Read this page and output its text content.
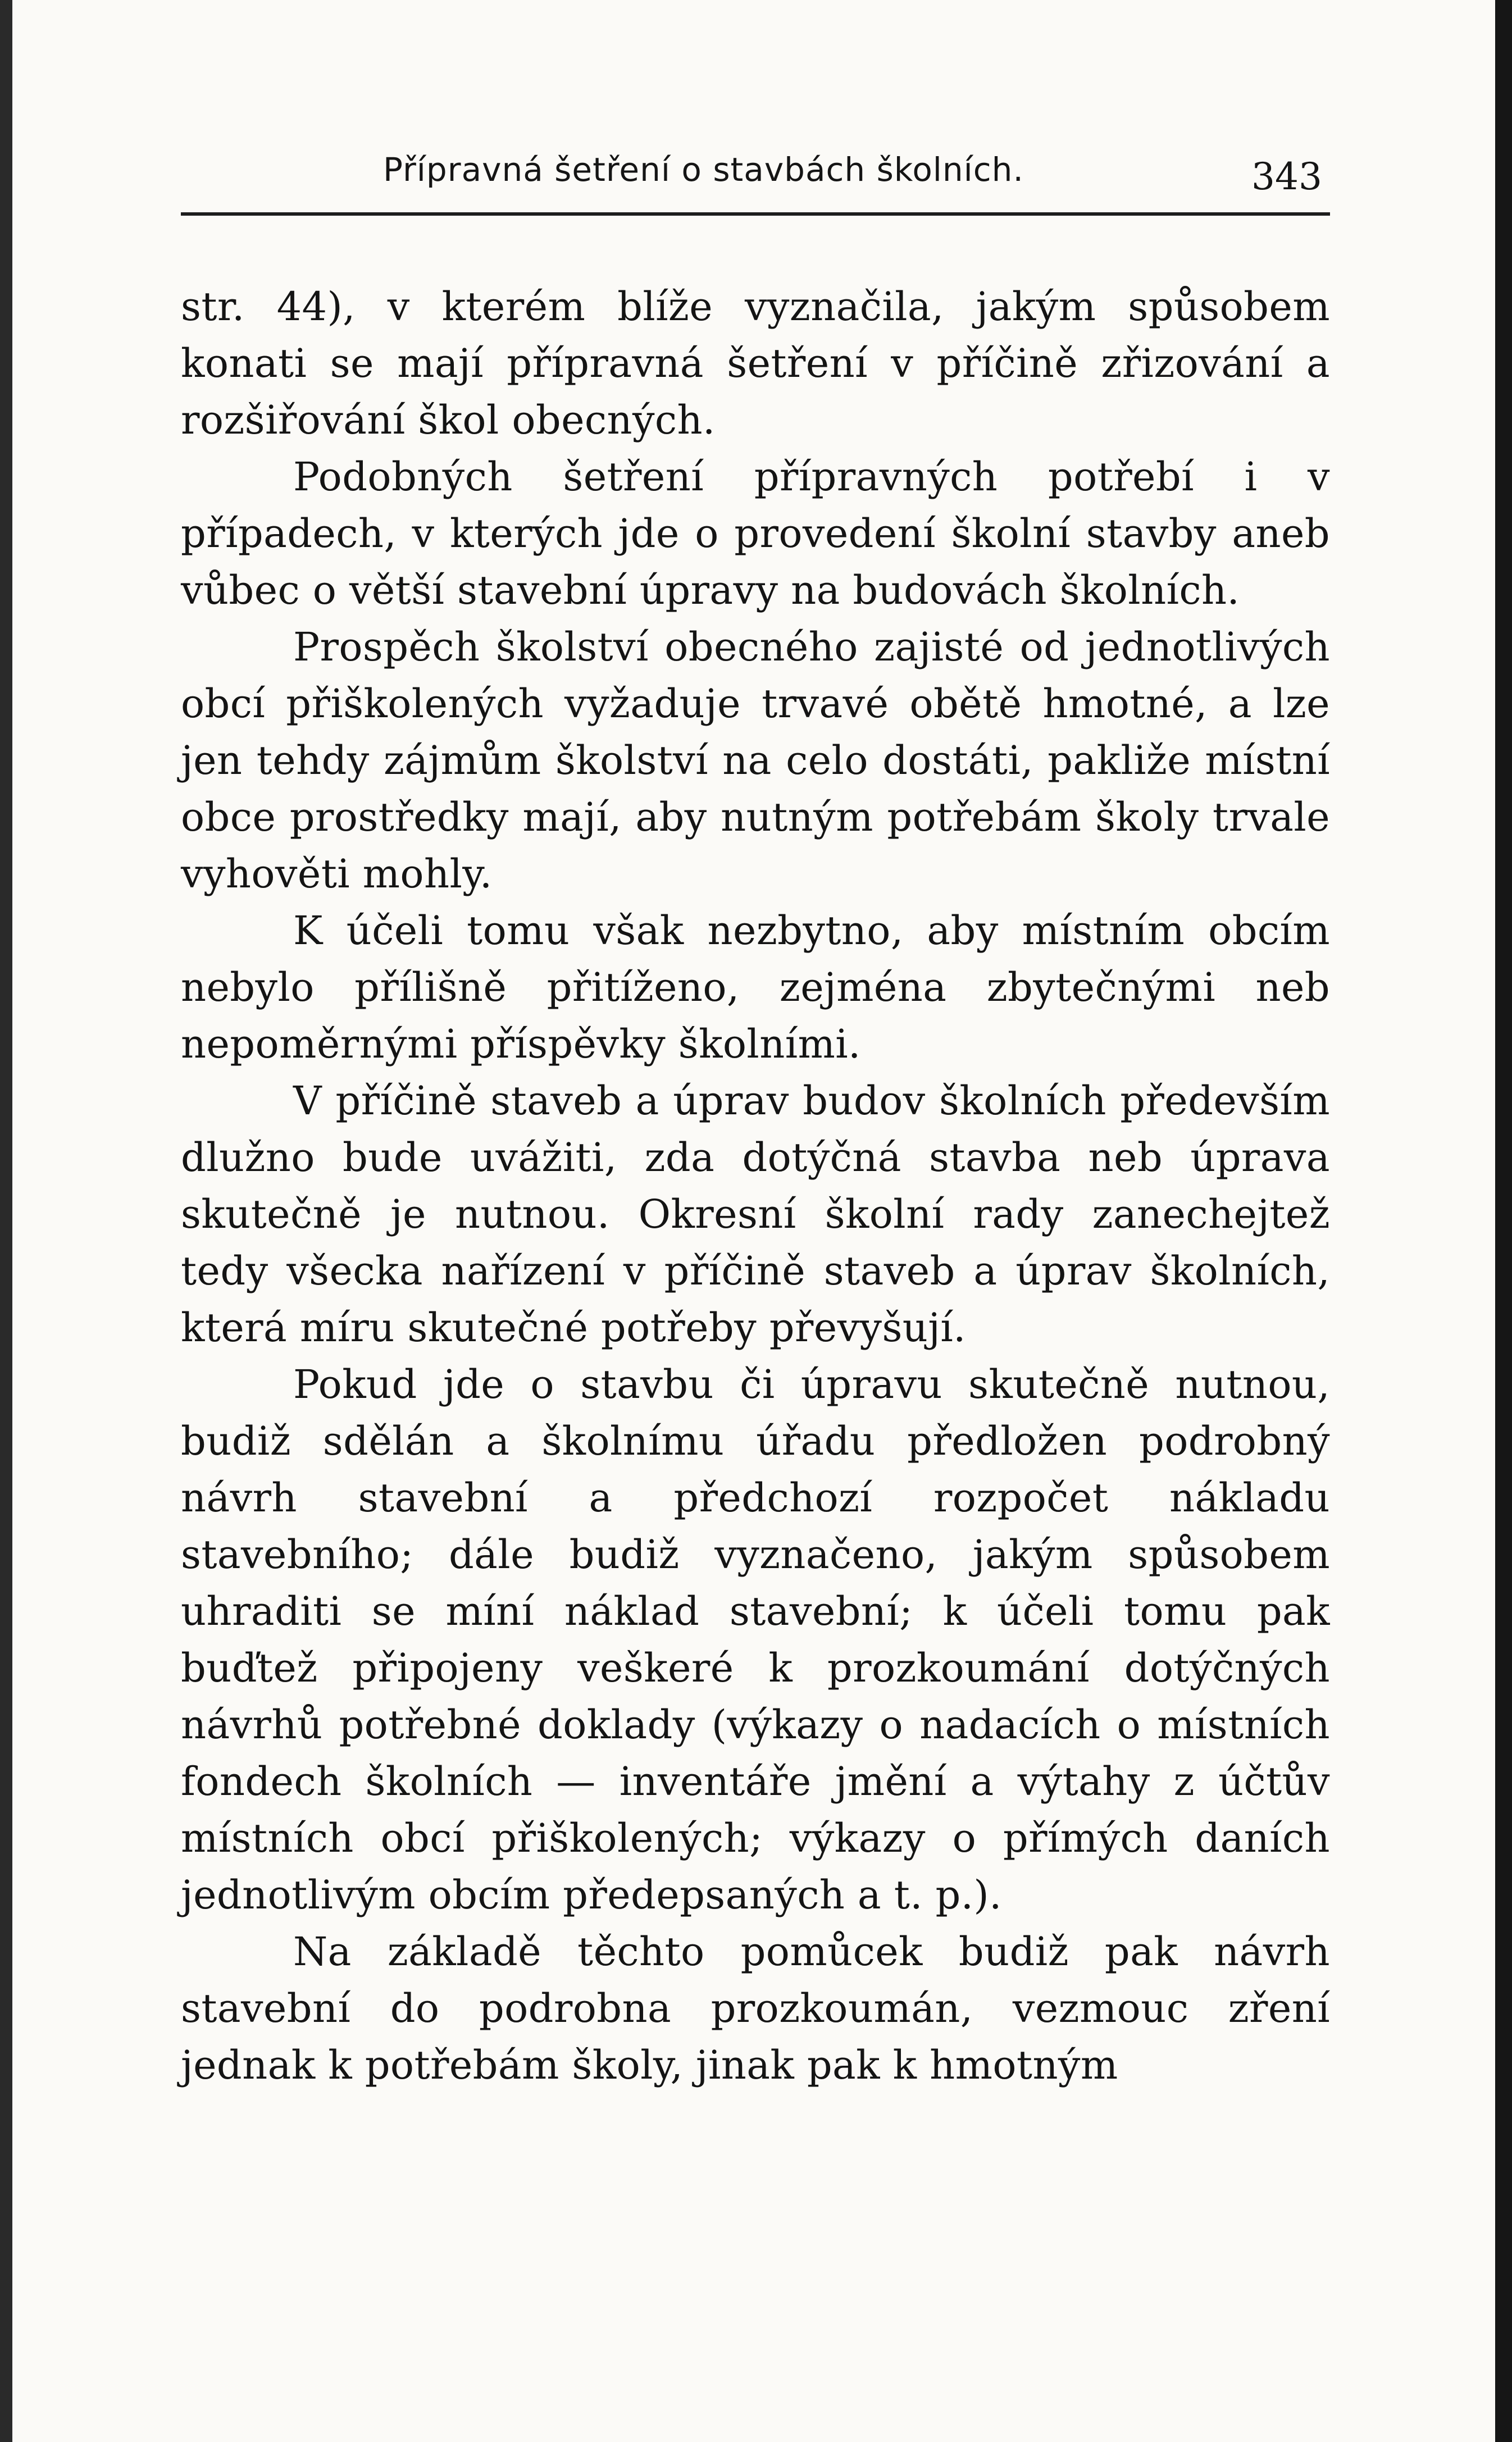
Přípravná šetření o stavbách školních.	343

str. 44), v kterém blíže vyznačila, jakým spůsobem konati se mají přípravná šetření v příčině zřizování a rozšiřování škol obecných.

Podobných šetření přípravných potřebí i v případech, v kterých jde o provedení školní stavby aneb vůbec o větší stavební úpravy na budovách školních.

Prospěch školství obecného zajisté od jednotlivých obcí přiškolených vyžaduje trvavé obětě hmotné, a lze jen tehdy zájmům školství na celo dostáti, pakliže místní obce prostředky mají, aby nutným potřebám školy trvale vyhověti mohly.

K účeli tomu však nezbytno, aby místním obcím nebylo přílišně přitíženo, zejména zbytečnými neb nepoměrnými příspěvky školními.

V příčině staveb a úprav budov školních především dlužno bude uvážiti, zda dotýčná stavba neb úprava skutečně je nutnou. Okresní školní rady zanechejtež tedy všecka nařízení v příčině staveb a úprav školních, která míru skutečné potřeby převyšují.

Pokud jde o stavbu či úpravu skutečně nutnou, budiž sdělán a školnímu úřadu předložen podrobný návrh stavební a předchozí rozpočet nákladu stavebního; dále budiž vyznačeno, jakým spůsobem uhraditi se míní náklad stavební; k účeli tomu pak buďtež připojeny veškeré k prozkoumání dotýčných návrhů potřebné doklady (výkazy o nadacích o místních fondech školních — inventáře jmění a výtahy z účtův místních obcí přiškolených; výkazy o přímých daních jednotlivým obcím předepsaných a t. p.).

Na základě těchto pomůcek budiž pak návrh stavební do podrobna prozkoumán, vezmouc zření jednak k potřebám školy, jinak pak k hmotným
